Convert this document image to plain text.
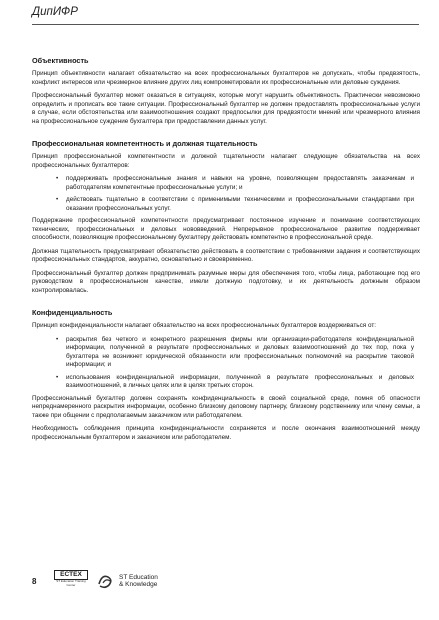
ДипИФР
Объективность

Принцип объективности налагает обязательство на всех профессиональных бухгалтеров не допускать, чтобы предвзятость, конфликт интересов или чрезмерное влияние других лиц компрометировали их профессиональные или деловые суждения.

Профессиональный бухгалтер может оказаться в ситуациях, которые могут нарушить объективность. Практически невозможно определить и прописать все такие ситуации. Профессиональный бухгалтер не должен предоставлять профессиональные услуги в случае, если обстоятельства или взаимоотношения создают предпосылки для предвзятости мнений или чрезмерного влияния на профессиональное суждение бухгалтера при предоставлении данных услуг.

Профессиональная компетентность и должная тщательность

Принцип профессиональной компетентности и должной тщательности налагает следующие обязательства на всех профессиональных бухгалтеров:

• поддерживать профессиональные знания и навыки на уровне, позволяющем предоставлять заказчикам и работодателям компетентные профессиональные услуги; и
• действовать тщательно в соответствии с применимыми техническими и профессиональными стандартами при оказании профессиональных услуг.

Поддержание профессиональной компетентности предусматривает постоянное изучение и понимание соответствующих технических, профессиональных и деловых нововведений. Непрерывное профессиональное развитие поддерживает способности, позволяющие профессиональному бухгалтеру действовать компетентно в профессиональной среде.

Должная тщательность предусматривает обязательство действовать в соответствии с требованиями задания и соответствующих профессиональных стандартов, аккуратно, основательно и своевременно.

Профессиональный бухгалтер должен предпринимать разумные меры для обеспечения того, чтобы лица, работающие под его руководством в профессиональном качестве, имели должную подготовку, и их деятельность должным образом контролировалась.

Конфиденциальность

Принцип конфиденциальности налагает обязательство на всех профессиональных бухгалтеров воздерживаться от:

• раскрытия без четкого и конкретного разрешения фирмы или организации-работодателя конфиденциальной информации, полученной в результате профессиональных и деловых взаимоотношений до тех пор, пока у бухгалтера не возникнет юридической обязанности или профессиональных полномочий на раскрытие таковой информации; и
• использования конфиденциальной информации, полученной в результате профессиональных и деловых взаимоотношений, в личных целях или в целях третьих сторон.

Профессиональный бухгалтер должен сохранять конфиденциальность в своей социальной среде, помня об опасности непреднамеренного раскрытия информации, особенно близкому деловому партнеру, близкому родственнику или члену семьи, а также при общении с предполагаемым заказчиком или работодателем.

Необходимость соблюдения принципа конфиденциальности сохраняется и после окончания взаимоотношений между профессиональным бухгалтером и заказчиком или работодателем.

8
ECTEX
ST Education Training Center
ST Education
& Knowledge
